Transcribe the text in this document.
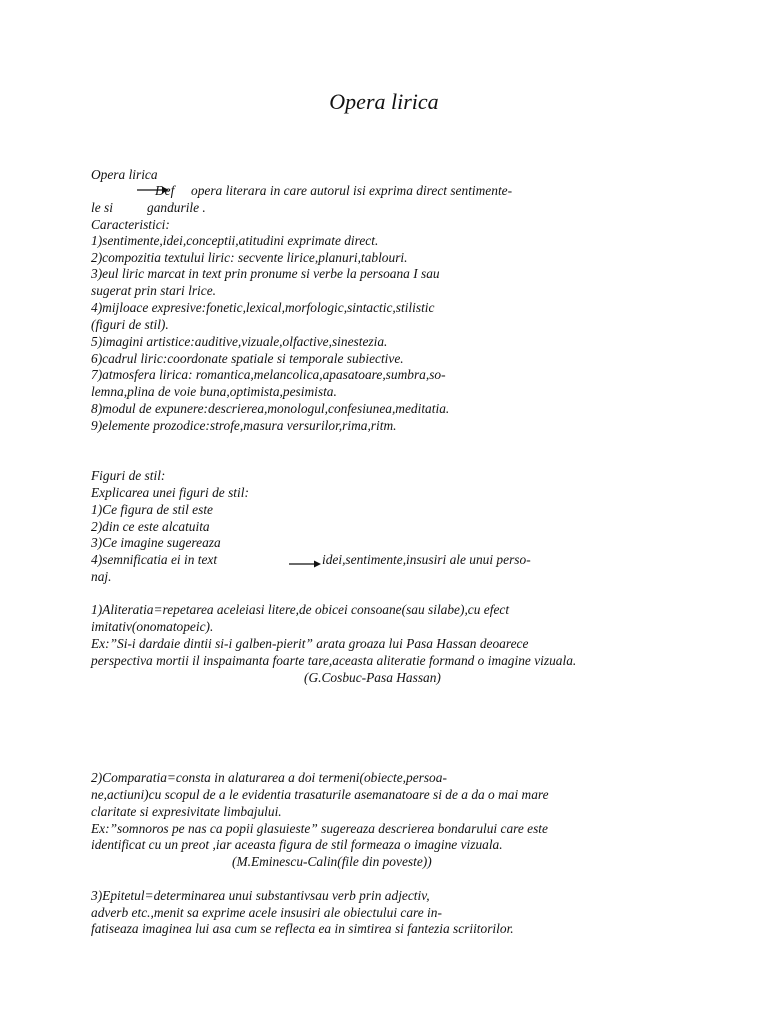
Opera lirica
Opera lirica
Def opera literara in care autorul isi exprima direct sentimente-
le si	gandurile .
Caracteristici:
1)sentimente,idei,conceptii,atitudini exprimate direct.
2)compozitia textului liric: secvente lirice,planuri,tablouri.
3)eul liric marcat in text prin pronume si verbe la persoana I sau
sugerat prin stari lrice.
4)mijloace expresive:fonetic,lexical,morfologic,sintactic,stilistic
(figuri de stil).
5)imagini artistice:auditive,vizuale,olfactive,sinestezia.
6)cadrul liric:coordonate spatiale si temporale subiective.
7)atmosfera lirica: romantica,melancolica,apasatoare,sumbra,so-
lemna,plina de voie buna,optimista,pesimista.
8)modul de expunere:descrierea,monologul,confesiunea,meditatia.
9)elemente prozodice:strofe,masura versurilor,rima,ritm.
Figuri de stil:
Explicarea unei figuri de stil:
1)Ce figura de stil este
2)din ce este alcatuita
3)Ce imagine sugereaza
4)semnificatia ei in text	idei,sentimente,insusiri ale unui perso-
naj.
1)Aliteratia=repetarea aceleiasi litere,de obicei consoane(sau silabe),cu efect
imitativ(onomatopeic).
Ex:”Si-i dardaie dintii si-i galben-pierit” arata groaza lui Pasa Hassan deoarece
perspectiva mortii il inspaimanta foarte tare,aceasta aliteratie formand o imagine vizuala.
(G.Cosbuc-Pasa Hassan)
2)Comparatia=consta in alaturarea a doi termeni(obiecte,persoa-
ne,actiuni)cu scopul de a le evidentia trasaturile asemanatoare si de a da o mai mare
claritate si expresivitate limbajului.
Ex:”somnoros pe nas ca popii glasuieste” sugereaza descrierea bondarului care este
identificat cu un preot ,iar aceasta figura de stil formeaza o imagine vizuala.
(M.Eminescu-Calin(file din poveste))
3)Epitetul=determinarea unui substantivsau verb prin adjectiv,
adverb etc.,menit sa exprime acele insusiri ale obiectului care in-
fatiseaza imaginea lui asa cum se reflecta ea in simtirea si fantezia scriitorilor.
